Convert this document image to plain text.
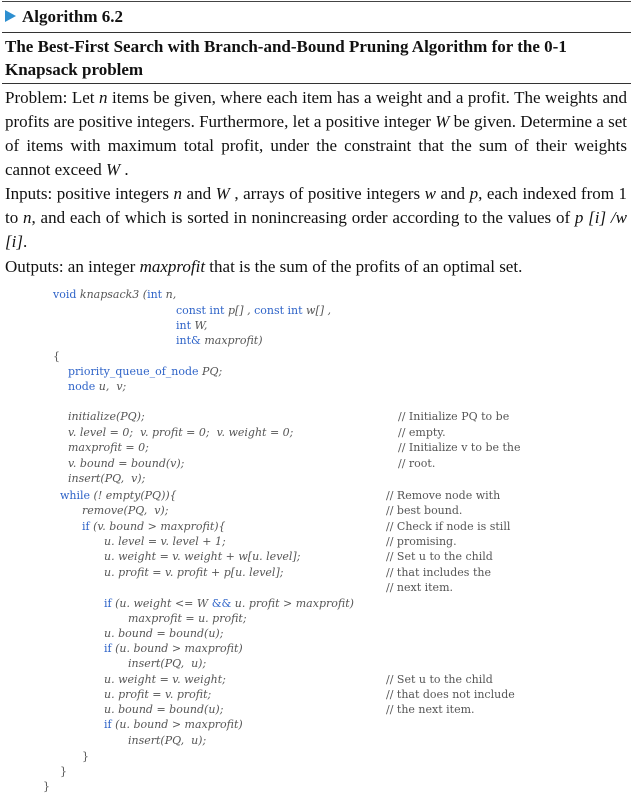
Algorithm 6.2
The Best-First Search with Branch-and-Bound Pruning Algorithm for the 0-1 Knapsack problem
Problem: Let n items be given, where each item has a weight and a profit. The weights and profits are positive integers. Furthermore, let a positive integer W be given. Determine a set of items with maximum total profit, under the constraint that the sum of their weights cannot exceed W .
Inputs: positive integers n and W , arrays of positive integers w and p, each indexed from 1 to n, and each of which is sorted in nonincreasing order according to the values of p [i] /w [i].
Outputs: an integer maxprofit that is the sum of the profits of an optimal set.
void knapsack3 (int n,
const int p[] , const int w[] ,
int W,
int& maxprofit)
{
priority_queue_of_node PQ;
node u,  v;
initialize(PQ);
v. level = 0;  v. profit = 0;  v. weight = 0;
maxprofit = 0;
v. bound = bound(v);
insert(PQ,  v);
while (! empty(PQ)){
remove(PQ,  v);
if (v. bound > maxprofit){
u. level = v. level + 1;
u. weight = v. weight + w[u. level];
u. profit = v. profit + p[u. level];
if (u. weight <= W && u. profit > maxprofit)
maxprofit = u. profit;
u. bound = bound(u);
if (u. bound > maxprofit)
insert(PQ,  u);
u. weight = v. weight;
u. profit = v. profit;
u. bound = bound(u);
if (u. bound > maxprofit)
insert(PQ,  u);
}
}
}
// Initialize PQ to be
// empty.
// Initialize v to be the
// root.
// Remove node with
// best bound.
// Check if node is still
// promising.
// Set u to the child
// that includes the
// next item.
// Set u to the child
// that does not include
// the next item.
